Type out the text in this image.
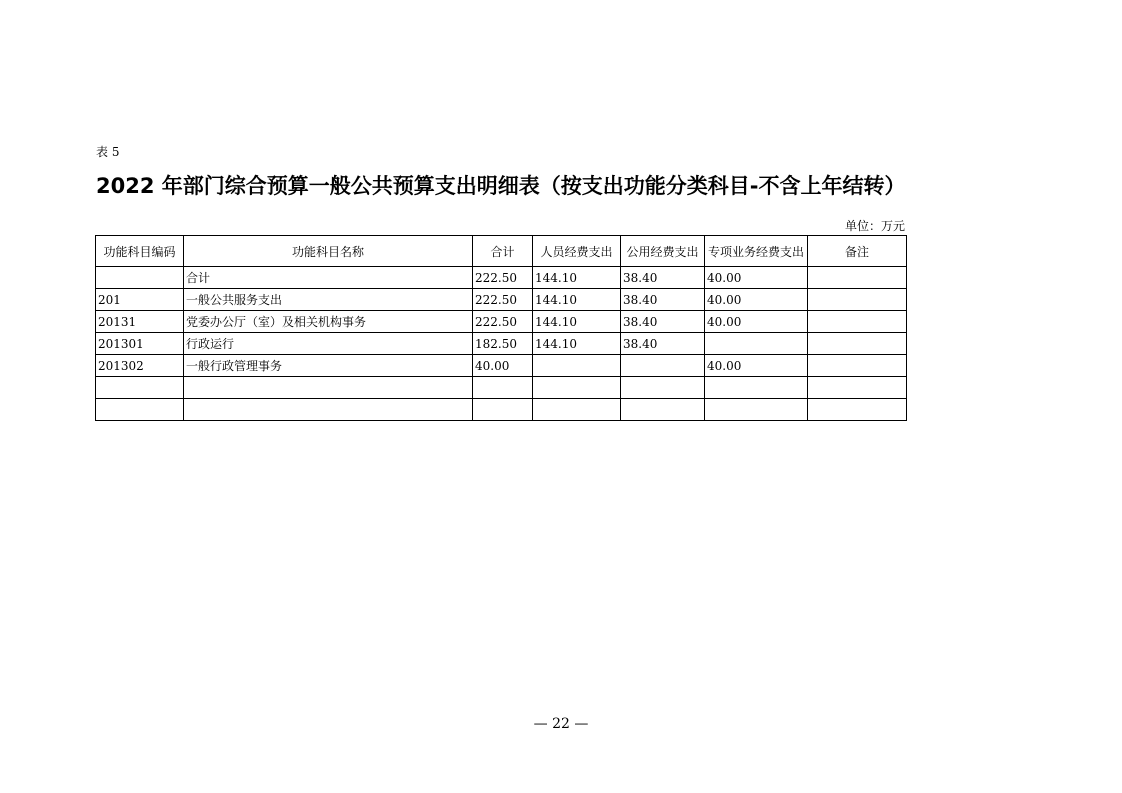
表 5
2022 年部门综合预算一般公共预算支出明细表（按支出功能分类科目-不含上年结转）
单位：万元
功能科目编码	功能科目名称	合计	人员经费支出	公用经费支出	专项业务经费支出	备注
	合计	222.50	144.10	38.40	40.00	
201	一般公共服务支出	222.50	144.10	38.40	40.00	
20131	党委办公厅（室）及相关机构事务	222.50	144.10	38.40	40.00	
201301	行政运行	182.50	144.10	38.40		
201302	一般行政管理事务	40.00			40.00	

— 22 —
